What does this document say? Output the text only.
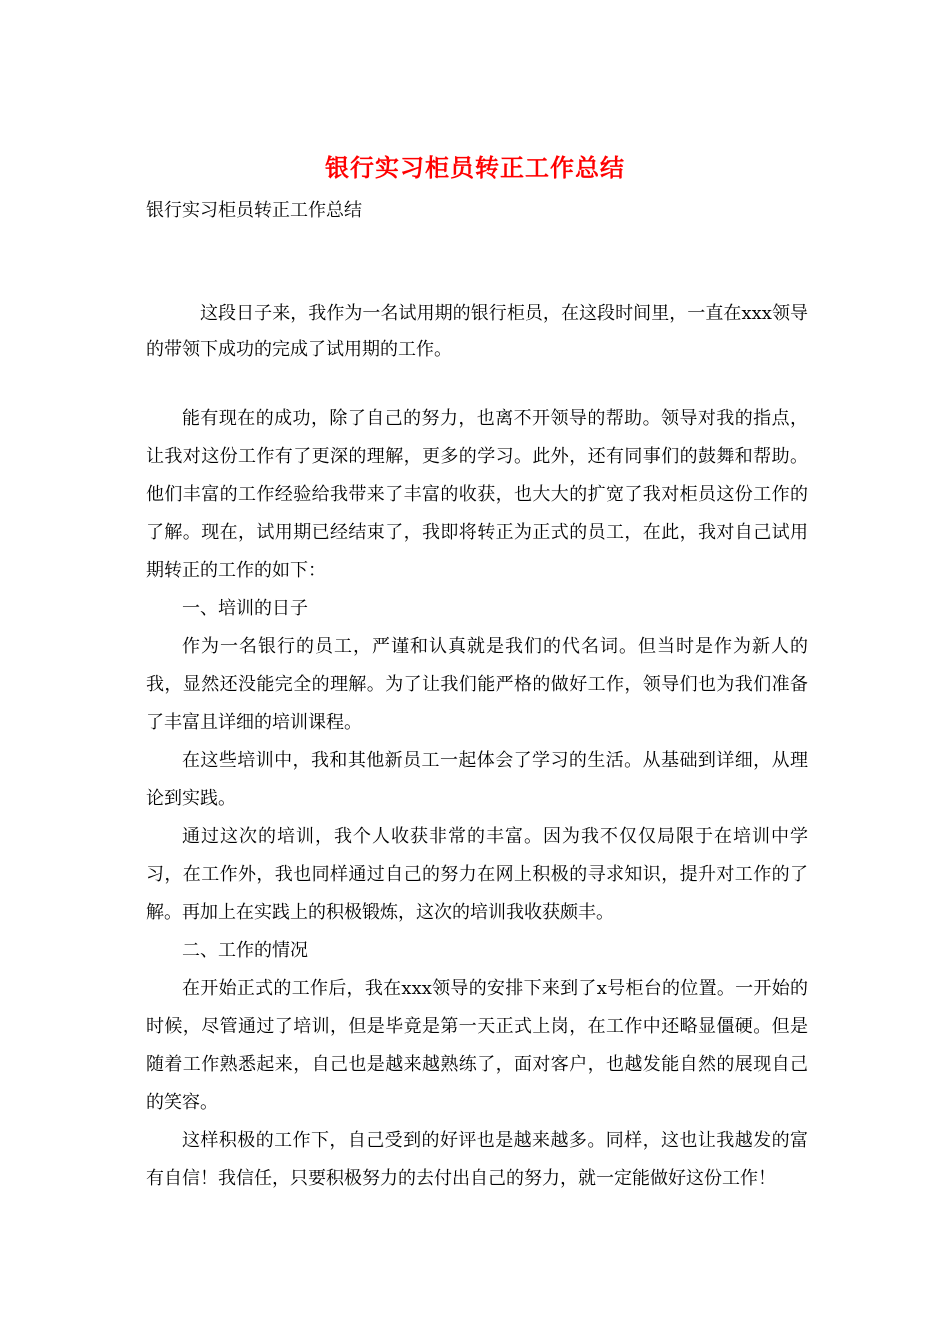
银行实习柜员转正工作总结
银行实习柜员转正工作总结

这段日子来，我作为一名试用期的银行柜员，在这段时间里，一直在xxx领导的带领下成功的完成了试用期的工作。

能有现在的成功，除了自己的努力，也离不开领导的帮助。领导对我的指点，让我对这份工作有了更深的理解，更多的学习。此外，还有同事们的鼓舞和帮助。他们丰富的工作经验给我带来了丰富的收获，也大大的扩宽了我对柜员这份工作的了解。现在，试用期已经结束了，我即将转正为正式的员工，在此，我对自己试用期转正的工作的如下：

一、培训的日子

作为一名银行的员工，严谨和认真就是我们的代名词。但当时是作为新人的我，显然还没能完全的理解。为了让我们能严格的做好工作，领导们也为我们准备了丰富且详细的培训课程。

在这些培训中，我和其他新员工一起体会了学习的生活。从基础到详细，从理论到实践。

通过这次的培训，我个人收获非常的丰富。因为我不仅仅局限于在培训中学习，在工作外，我也同样通过自己的努力在网上积极的寻求知识，提升对工作的了解。再加上在实践上的积极锻炼，这次的培训我收获颇丰。

二、工作的情况

在开始正式的工作后，我在xxx领导的安排下来到了x号柜台的位置。一开始的时候，尽管通过了培训，但是毕竟是第一天正式上岗，在工作中还略显僵硬。但是随着工作熟悉起来，自己也是越来越熟练了，面对客户，也越发能自然的展现自己的笑容。

这样积极的工作下，自己受到的好评也是越来越多。同样，这也让我越发的富有自信！我信任，只要积极努力的去付出自己的努力，就一定能做好这份工作！
